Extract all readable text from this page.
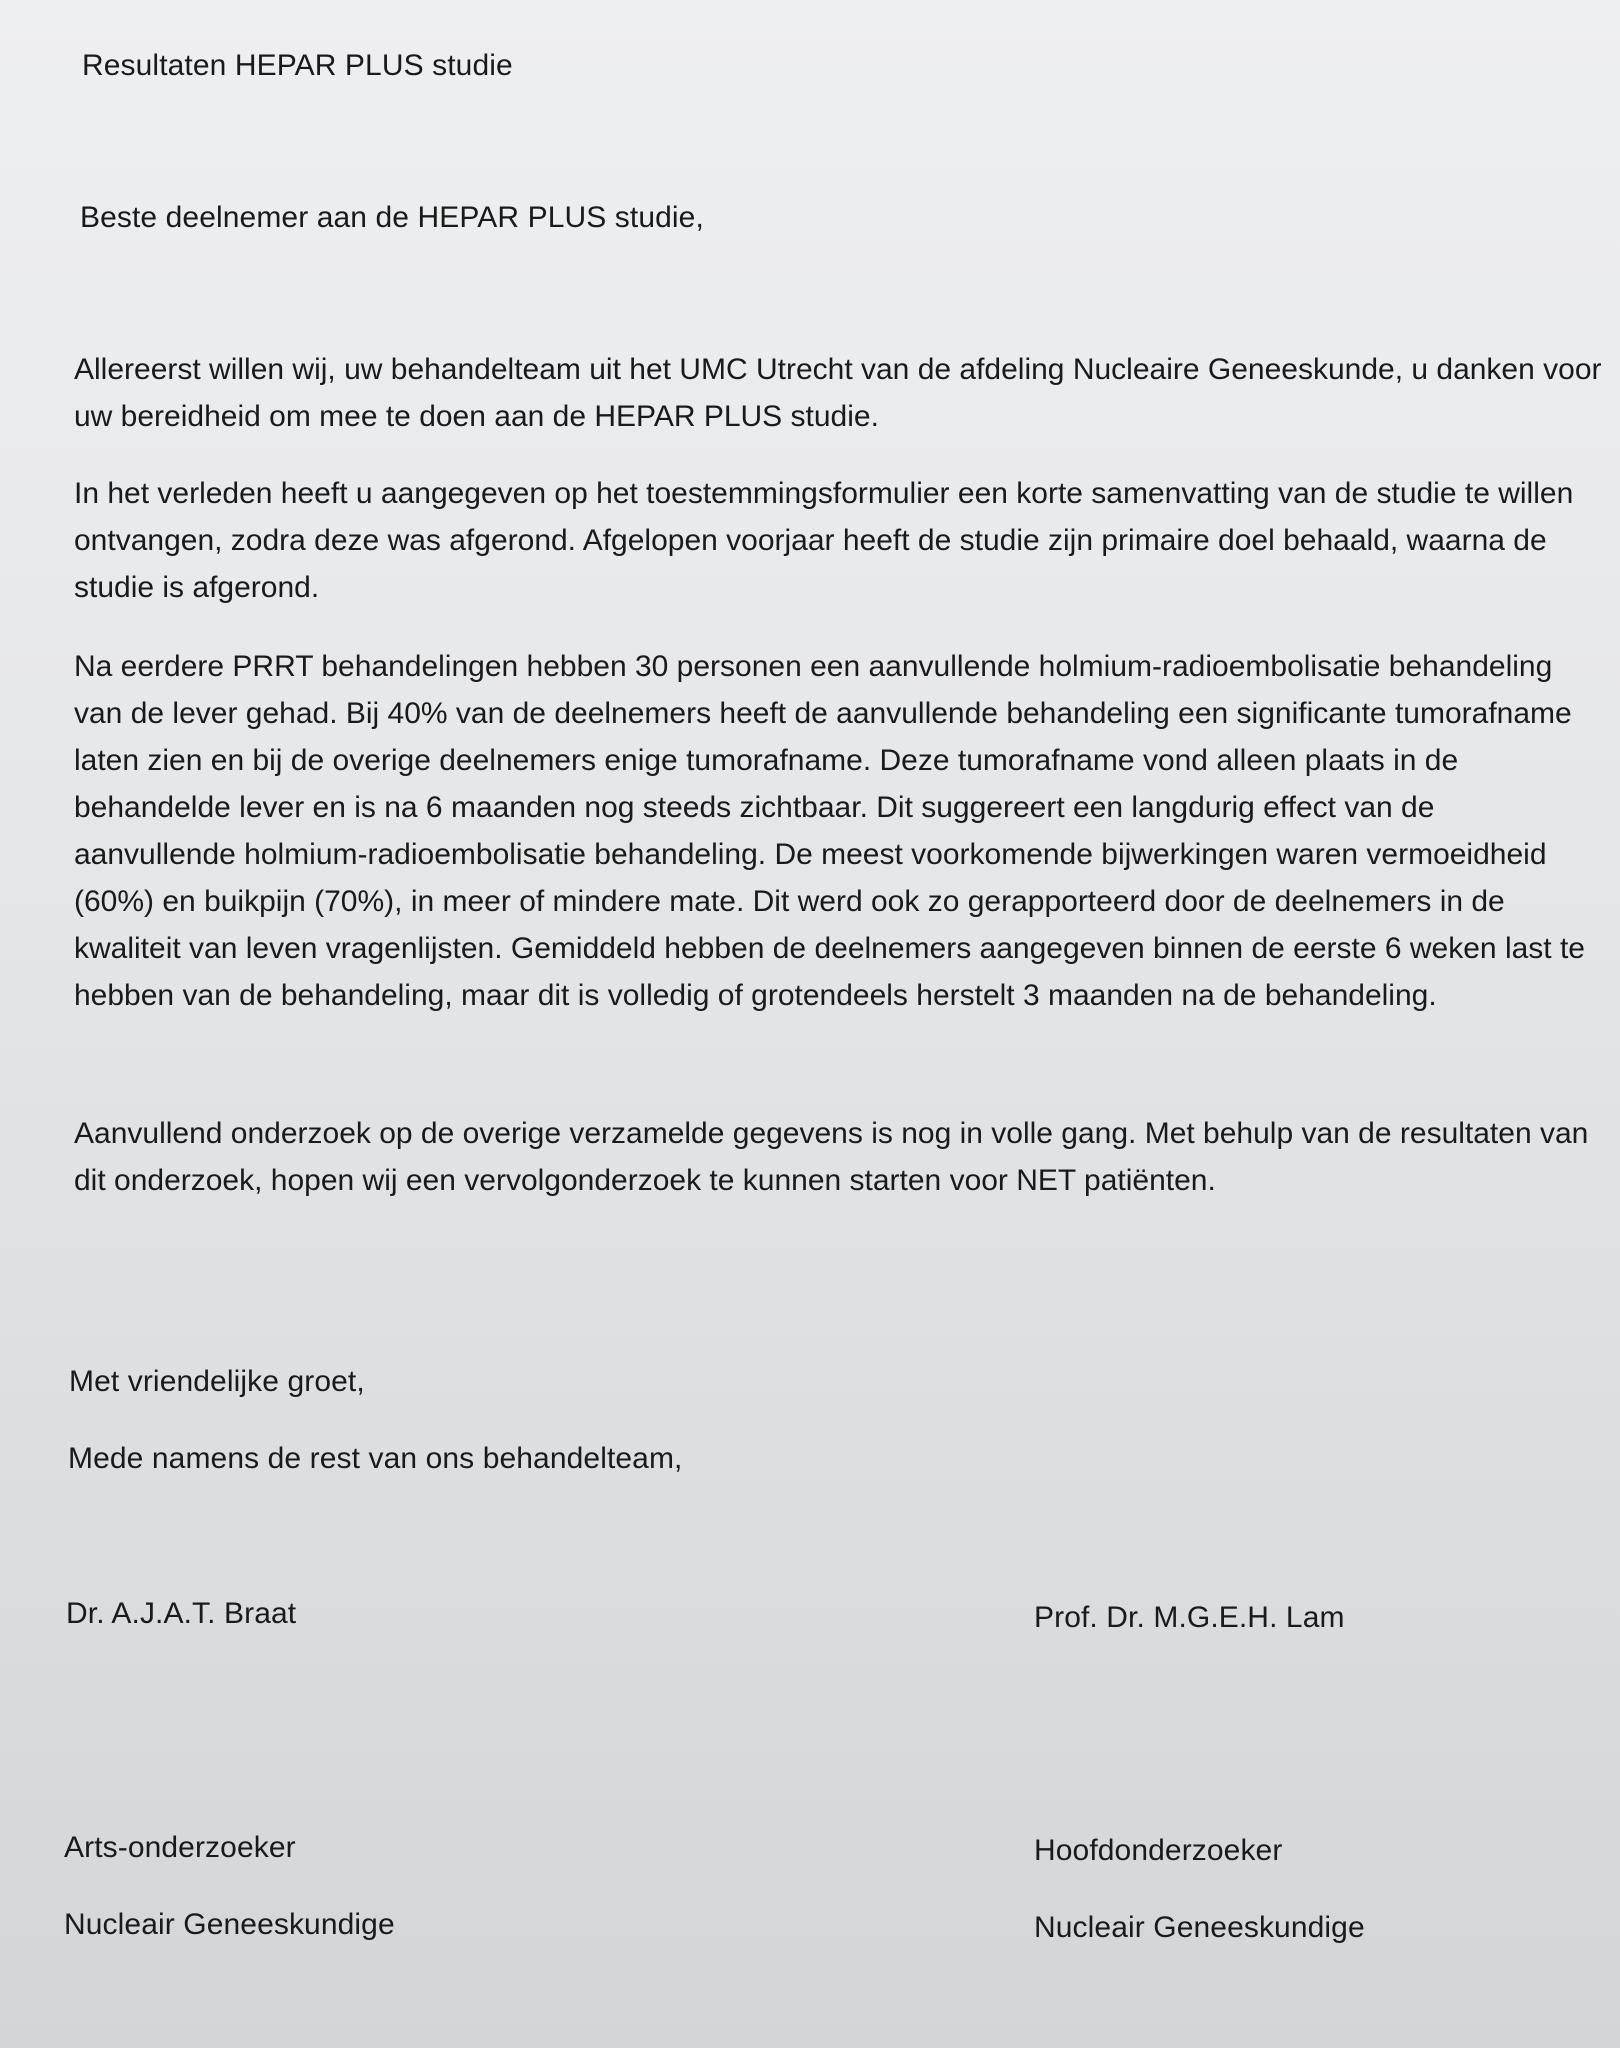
Resultaten HEPAR PLUS studie
Beste deelnemer aan de HEPAR PLUS studie,

Allereerst willen wij, uw behandelteam uit het UMC Utrecht van de afdeling Nucleaire Geneeskunde, u danken voor uw bereidheid om mee te doen aan de HEPAR PLUS studie.

In het verleden heeft u aangegeven op het toestemmingsformulier een korte samenvatting van de studie te willen ontvangen, zodra deze was afgerond. Afgelopen voorjaar heeft de studie zijn primaire doel behaald, waarna de studie is afgerond.

Na eerdere PRRT behandelingen hebben 30 personen een aanvullende holmium-radioembolisatie behandeling van de lever gehad. Bij 40% van de deelnemers heeft de aanvullende behandeling een significante tumorafname laten zien en bij de overige deelnemers enige tumorafname. Deze tumorafname vond alleen plaats in de behandelde lever en is na 6 maanden nog steeds zichtbaar. Dit suggereert een langdurig effect van de aanvullende holmium-radioembolisatie behandeling. De meest voorkomende bijwerkingen waren vermoeidheid (60%) en buikpijn (70%), in meer of mindere mate. Dit werd ook zo gerapporteerd door de deelnemers in de kwaliteit van leven vragenlijsten. Gemiddeld hebben de deelnemers aangegeven binnen de eerste 6 weken last te hebben van de behandeling, maar dit is volledig of grotendeels herstelt 3 maanden na de behandeling.

Aanvullend onderzoek op de overige verzamelde gegevens is nog in volle gang. Met behulp van de resultaten van dit onderzoek, hopen wij een vervolgonderzoek te kunnen starten voor NET patiënten.

Met vriendelijke groet,
Mede namens de rest van ons behandelteam,
Dr. A.J.A.T. Braat	Prof. Dr. M.G.E.H. Lam
Arts-onderzoeker	Hoofdonderzoeker
Nucleair Geneeskundige	Nucleair Geneeskundige
